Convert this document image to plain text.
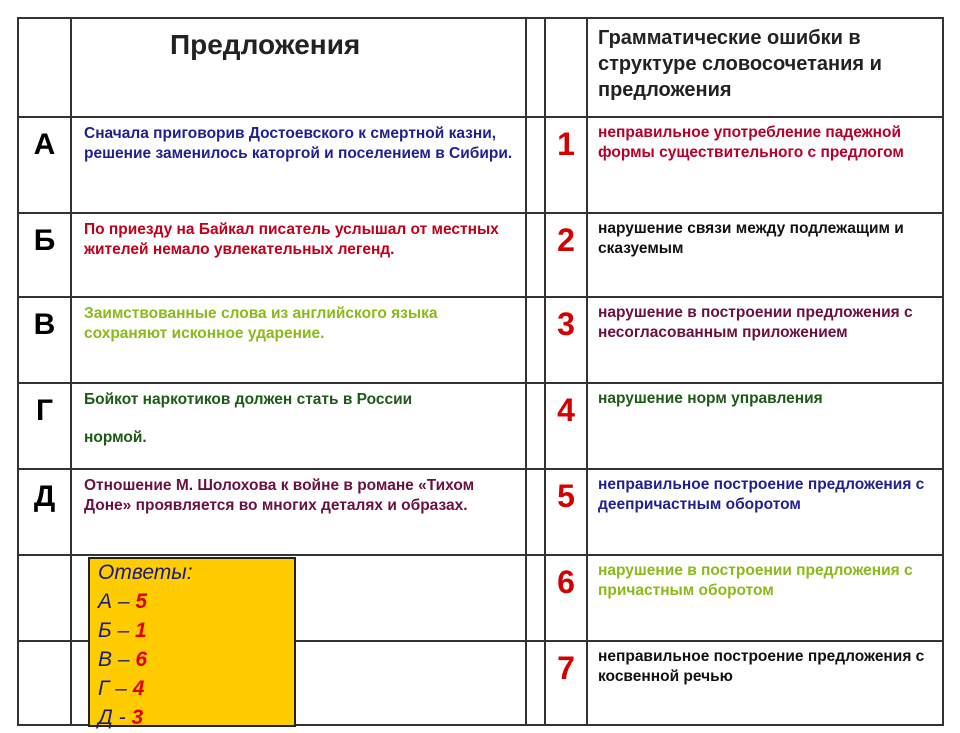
	Предложения			Грамматические ошибки в структуре словосочетания и предложения

А	Сначала приговорив Достоевского к смертной казни, решение заменилось каторгой и поселением в Сибири.		1	неправильное употребление падежной формы существительного с предлогом

Б	По приезду на Байкал писатель услышал от местных жителей немало увлекательных легенд.		2	нарушение связи между подлежащим и сказуемым

В	Заимствованные слова из английского языка сохраняют исконное ударение.		3	нарушение в построении предложения с несогласованным приложением

Г	Бойкот наркотиков должен стать в России
нормой.		4	нарушение норм управления

Д	Отношение М. Шолохова к войне в романе «Тихом Доне» проявляется во многих деталях и образах.		5	неправильное построение предложения с деепричастным оборотом

			6	нарушение в построении предложения с причастным оборотом

			7	неправильное построение предложения с косвенной речью
Ответы:
А – 5
Б – 1
В – 6
Г – 4
Д - 3
